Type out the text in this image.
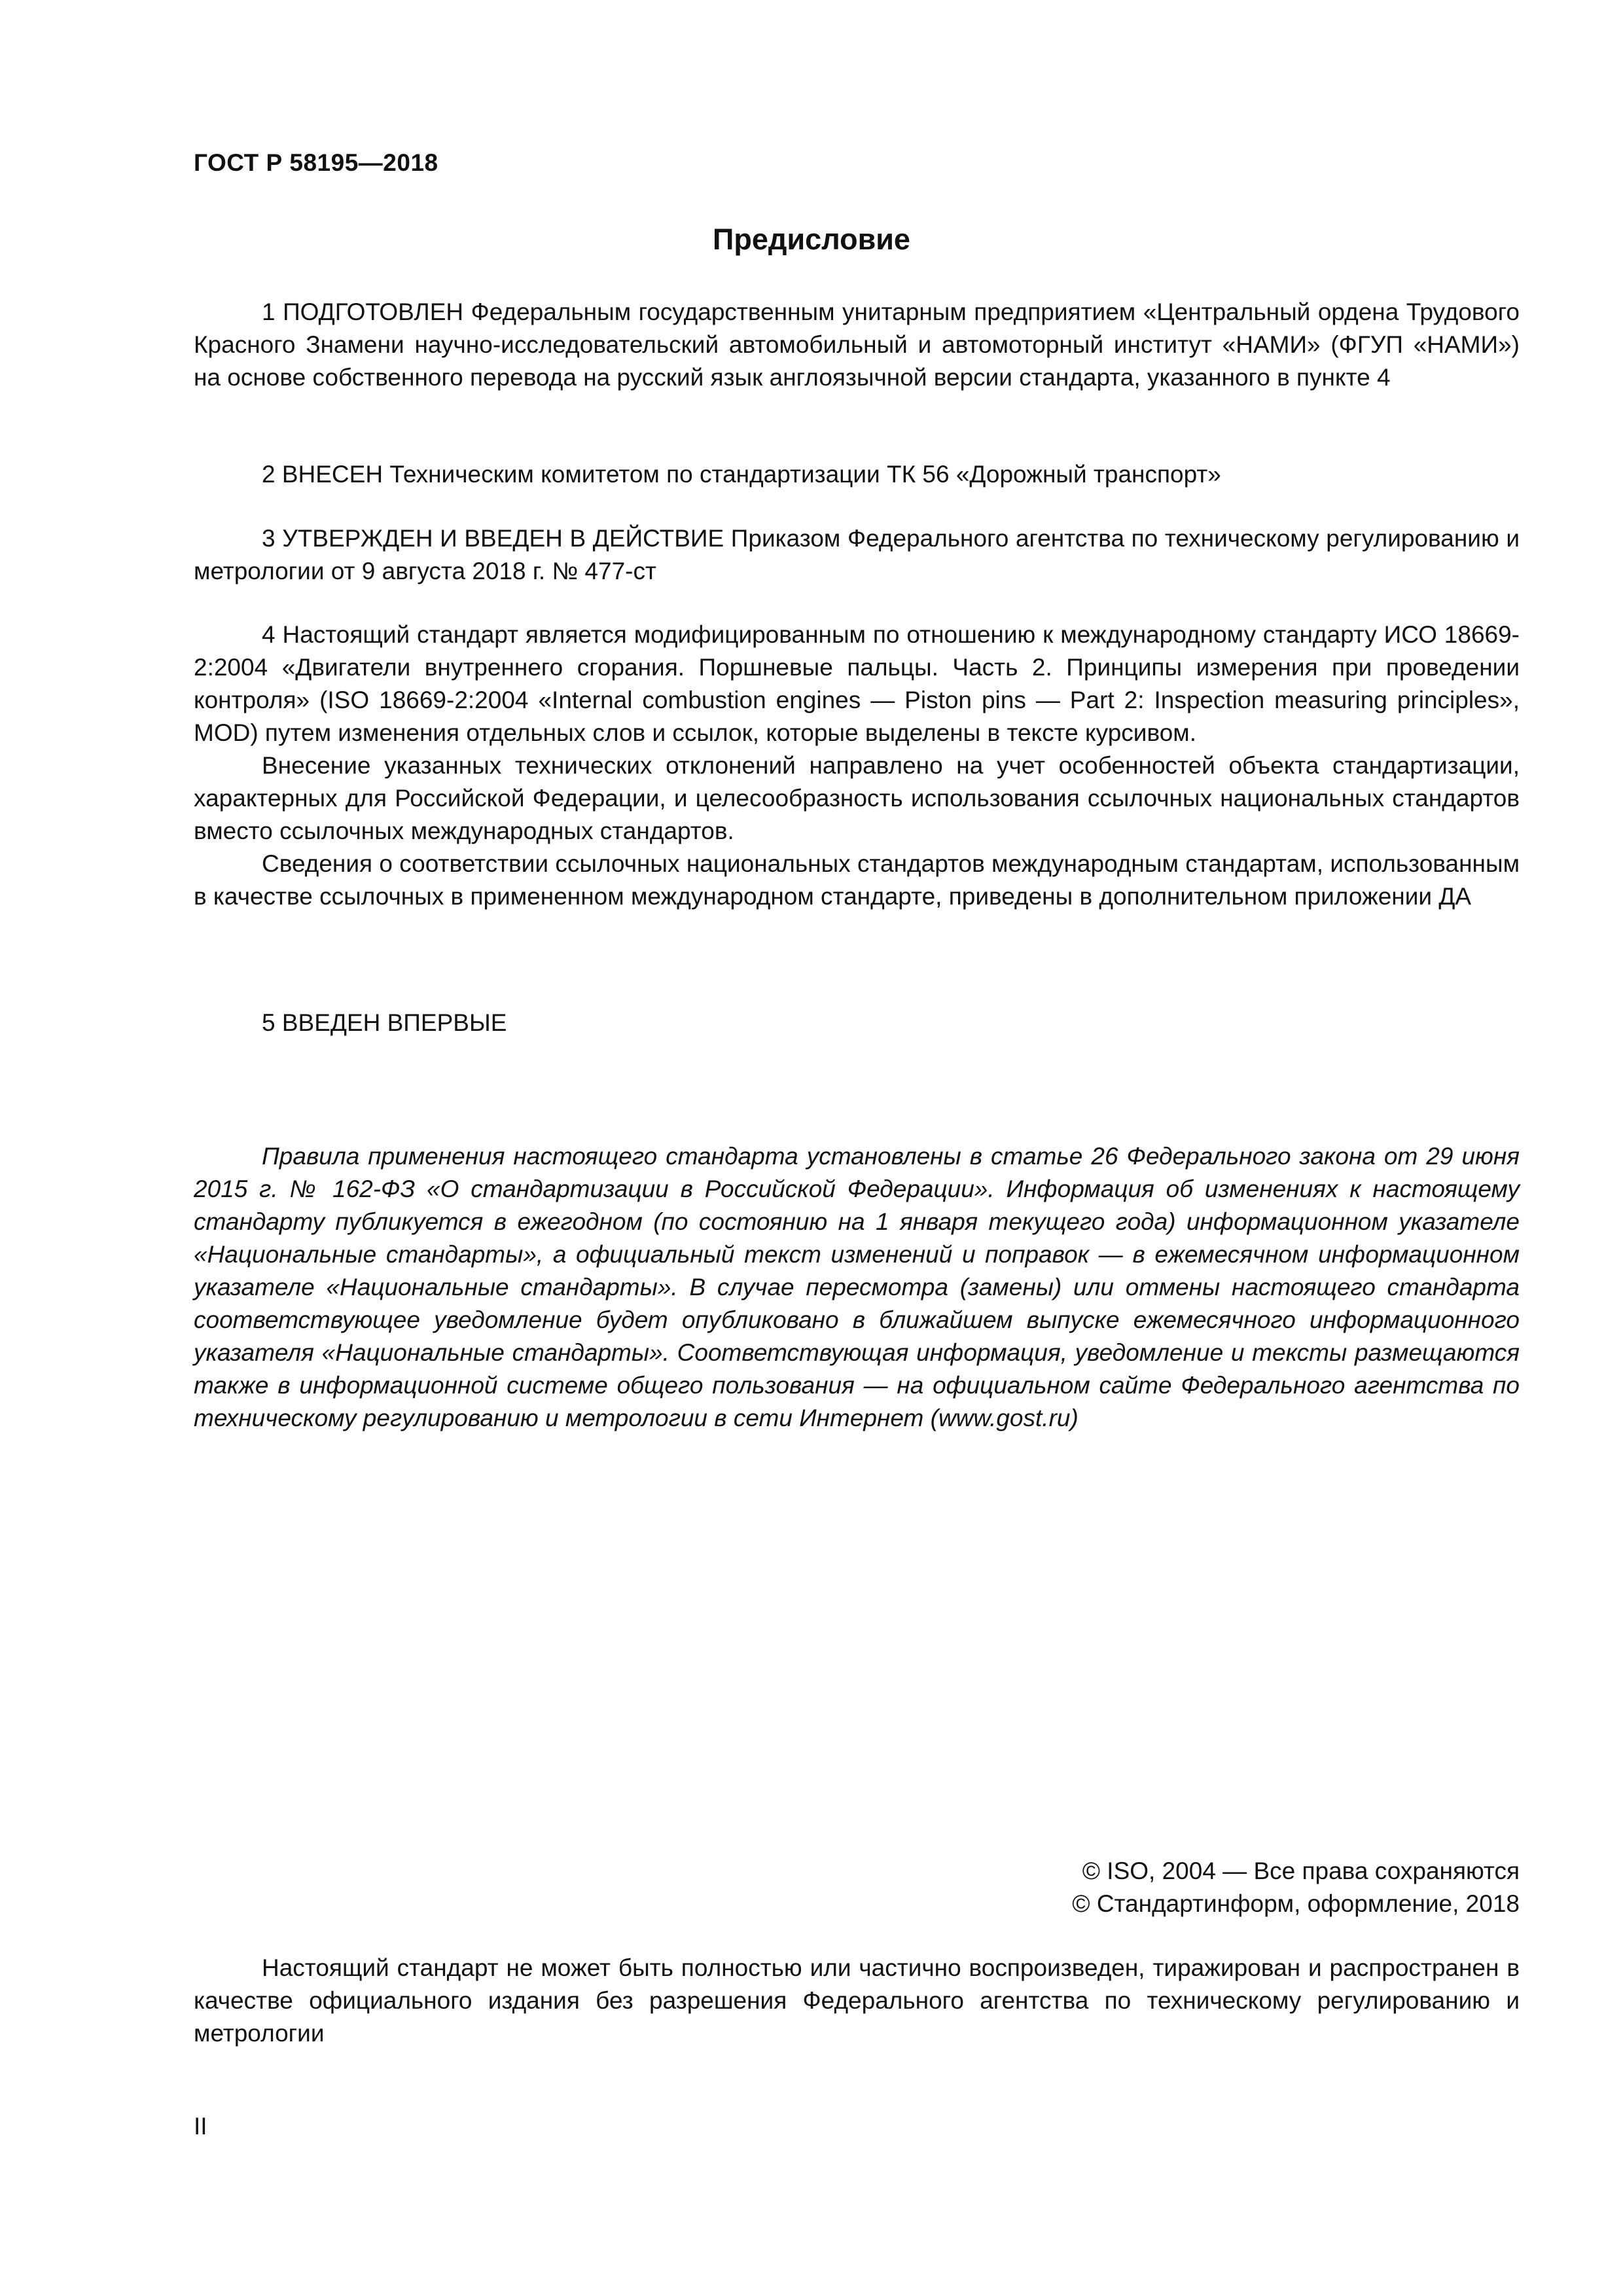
ГОСТ Р 58195—2018
Предисловие

1 ПОДГОТОВЛЕН Федеральным государственным унитарным предприятием «Центральный ордена Трудового Красного Знамени научно-исследовательский автомобильный и автомоторный институт «НАМИ» (ФГУП «НАМИ») на основе собственного перевода на русский язык англоязычной версии стандарта, указанного в пункте 4

2 ВНЕСЕН Техническим комитетом по стандартизации ТК 56 «Дорожный транспорт»

3 УТВЕРЖДЕН И ВВЕДЕН В ДЕЙСТВИЕ Приказом Федерального агентства по техническому регулированию и метрологии от 9 августа 2018 г. № 477-ст

4 Настоящий стандарт является модифицированным по отношению к международному стандарту ИСО 18669-2:2004 «Двигатели внутреннего сгорания. Поршневые пальцы. Часть 2. Принципы измерения при проведении контроля» (ISO 18669-2:2004 «Internal combustion engines — Piston pins — Part 2: Inspection measuring principles», MOD) путем изменения отдельных слов и ссылок, которые выделены в тексте курсивом.

Внесение указанных технических отклонений направлено на учет особенностей объекта стандартизации, характерных для Российской Федерации, и целесообразность использования ссылочных национальных стандартов вместо ссылочных международных стандартов.

Сведения о соответствии ссылочных национальных стандартов международным стандартам, использованным в качестве ссылочных в примененном международном стандарте, приведены в дополнительном приложении ДА

5 ВВЕДЕН ВПЕРВЫЕ

Правила применения настоящего стандарта установлены в статье 26 Федерального закона от 29 июня 2015 г. № 162-ФЗ «О стандартизации в Российской Федерации». Информация об изменениях к настоящему стандарту публикуется в ежегодном (по состоянию на 1 января текущего года) информационном указателе «Национальные стандарты», а официальный текст изменений и поправок — в ежемесячном информационном указателе «Национальные стандарты». В случае пересмотра (замены) или отмены настоящего стандарта соответствующее уведомление будет опубликовано в ближайшем выпуске ежемесячного информационного указателя «Национальные стандарты». Соответствующая информация, уведомление и тексты размещаются также в информационной системе общего пользования — на официальном сайте Федерального агентства по техническому регулированию и метрологии в сети Интернет (www.gost.ru)

© ISO, 2004 — Все права сохраняются
© Стандартинформ, оформление, 2018

Настоящий стандарт не может быть полностью или частично воспроизведен, тиражирован и распространен в качестве официального издания без разрешения Федерального агентства по техническому регулированию и метрологии

II
